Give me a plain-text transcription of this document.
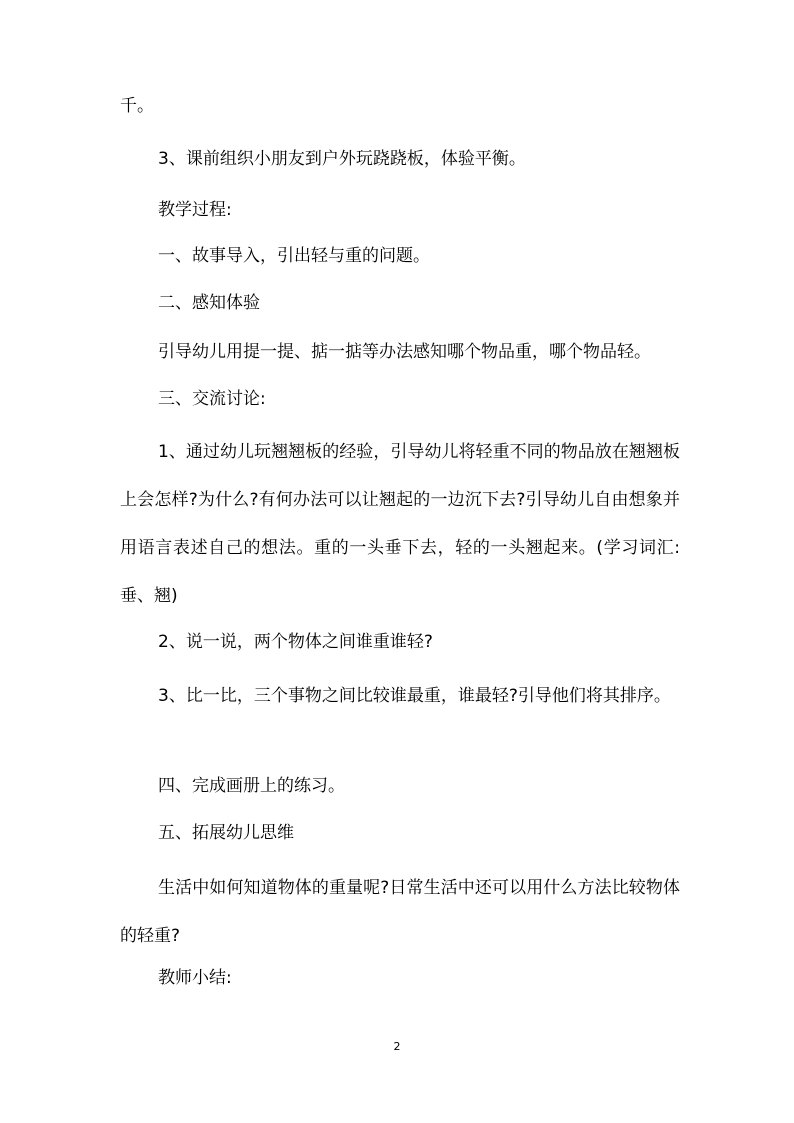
千。

3、课前组织小朋友到户外玩跷跷板，体验平衡。

教学过程:

一、故事导入，引出轻与重的问题。

二、感知体验

引导幼儿用提一提、掂一掂等办法感知哪个物品重，哪个物品轻。

三、交流讨论:

1、通过幼儿玩翘翘板的经验，引导幼儿将轻重不同的物品放在翘翘板上会怎样?为什么?有何办法可以让翘起的一边沉下去?引导幼儿自由想象并用语言表述自己的想法。重的一头垂下去，轻的一头翘起来。(学习词汇:垂、翘)

2、说一说，两个物体之间谁重谁轻?

3、比一比，三个事物之间比较谁最重，谁最轻?引导他们将其排序。

四、完成画册上的练习。

五、拓展幼儿思维

生活中如何知道物体的重量呢?日常生活中还可以用什么方法比较物体的轻重?

教师小结:

2
